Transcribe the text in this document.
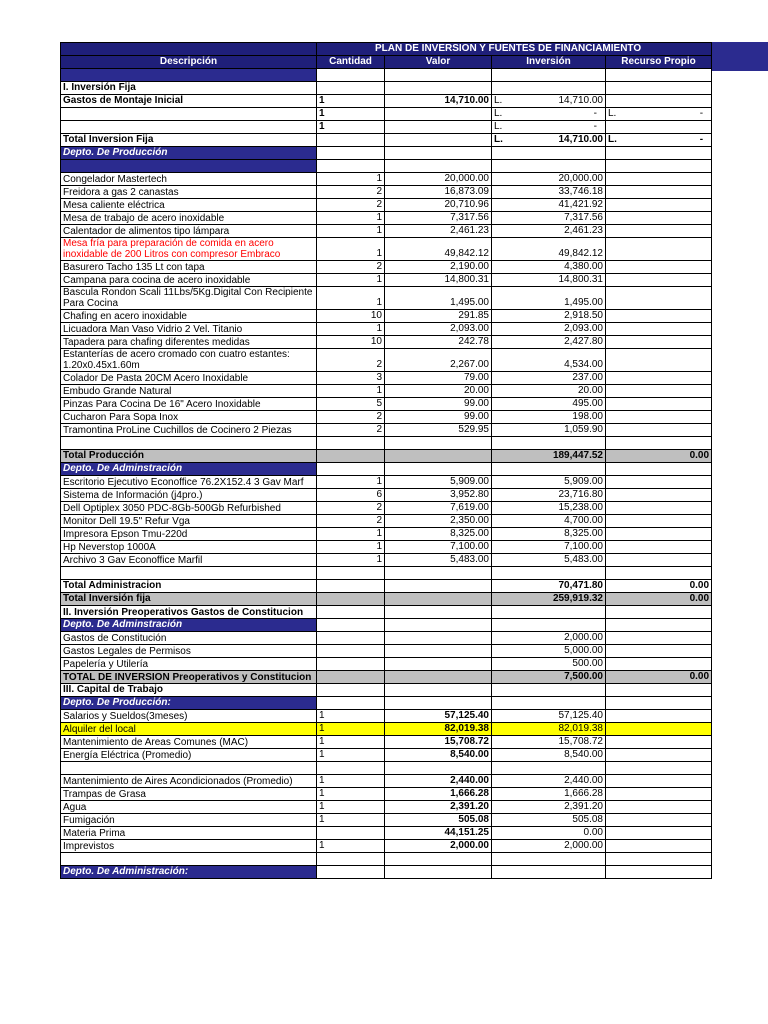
	PLAN DE INVERSION Y FUENTES DE FINANCIAMIENTO			
Descripción	Cantidad	Valor	Inversión	Recurso Propio

I. Inversión Fija				
Gastos de Montaje Inicial	1	14,710.00	L. 14,710.00	

	1		L. -	L. -

	1		L. -	

Total Inversion Fija			L. 14,710.00	L. -

Depto. De Producción				

Congelador Mastertech	1	20,000.00	20,000.00	
Freidora a gas 2 canastas	2	16,873.09	33,746.18	
Mesa caliente eléctrica	2	20,710.96	41,421.92	
Mesa de trabajo de acero inoxidable	1	7,317.56	7,317.56	
Calentador de alimentos tipo lámpara	1	2,461.23	2,461.23	
Mesa fría para preparación de comida en acero inoxidable de 200 Litros con compresor Embraco	1	49,842.12	49,842.12	
Basurero Tacho 135 Lt con tapa	2	2,190.00	4,380.00	
Campana para cocina de acero inoxidable	1	14,800.31	14,800.31	
Bascula Rondon Scali 11Lbs/5Kg.Digital Con Recipiente Para Cocina	1	1,495.00	1,495.00	
Chafing en acero inoxidable	10	291.85	2,918.50	
Licuadora Man Vaso Vidrio 2 Vel. Titanio	1	2,093.00	2,093.00	
Tapadera para chafing diferentes medidas	10	242.78	2,427.80	
Estanterías de acero cromado con cuatro estantes: 1.20x0.45x1.60m	2	2,267.00	4,534.00	
Colador De Pasta 20CM Acero Inoxidable	3	79.00	237.00	
Embudo Grande Natural	1	20.00	20.00	
Pinzas Para Cocina De 16" Acero Inoxidable	5	99.00	495.00	
Cucharon Para Sopa Inox	2	99.00	198.00	
Tramontina ProLine Cuchillos de Cocinero 2 Piezas	2	529.95	1,059.90	

Total Producción			189,447.52	0.00
Depto. De Adminstración				
Escritorio Ejecutivo Econoffice 76.2X152.4 3 Gav Marf	1	5,909.00	5,909.00	
Sistema de Información (j4pro.)	6	3,952.80	23,716.80	
Dell Optiplex 3050 PDC-8Gb-500Gb Refurbished	2	7,619.00	15,238.00	
Monitor Dell 19.5" Refur Vga	2	2,350.00	4,700.00	
Impresora Epson Tmu-220d	1	8,325.00	8,325.00	
Hp Neverstop 1000A	1	7,100.00	7,100.00	
Archivo 3 Gav Econoffice Marfil	1	5,483.00	5,483.00	

Total Administracion			70,471.80	0.00
Total Inversión fija			259,919.32	0.00
II. Inversión Preoperativos Gastos de Constitucion				
Depto. De Adminstración				
Gastos de Constitución			2,000.00	
Gastos Legales de Permisos			5,000.00	
Papelería y Utilería			500.00	
TOTAL DE INVERSION Preoperativos y Constitucion			7,500.00	0.00
III. Capital de Trabajo				
Depto. De Producción:				
Salarios y Sueldos(3meses)	1	57,125.40	57,125.40	
Alquiler del local	1	82,019.38	82,019.38	
Mantenimiento de Areas Comunes (MAC)	1	15,708.72	15,708.72	
Energía Eléctrica (Promedio)	1	8,540.00	8,540.00	

Mantenimiento de Aires Acondicionados (Promedio)	1	2,440.00	2,440.00	
Trampas de Grasa	1	1,666.28	1,666.28	
Agua	1	2,391.20	2,391.20	
Fumigación	1	505.08	505.08	
Materia Prima		44,151.25	0.00	
Imprevistos	1	2,000.00	2,000.00	

Depto. De Administración:				
